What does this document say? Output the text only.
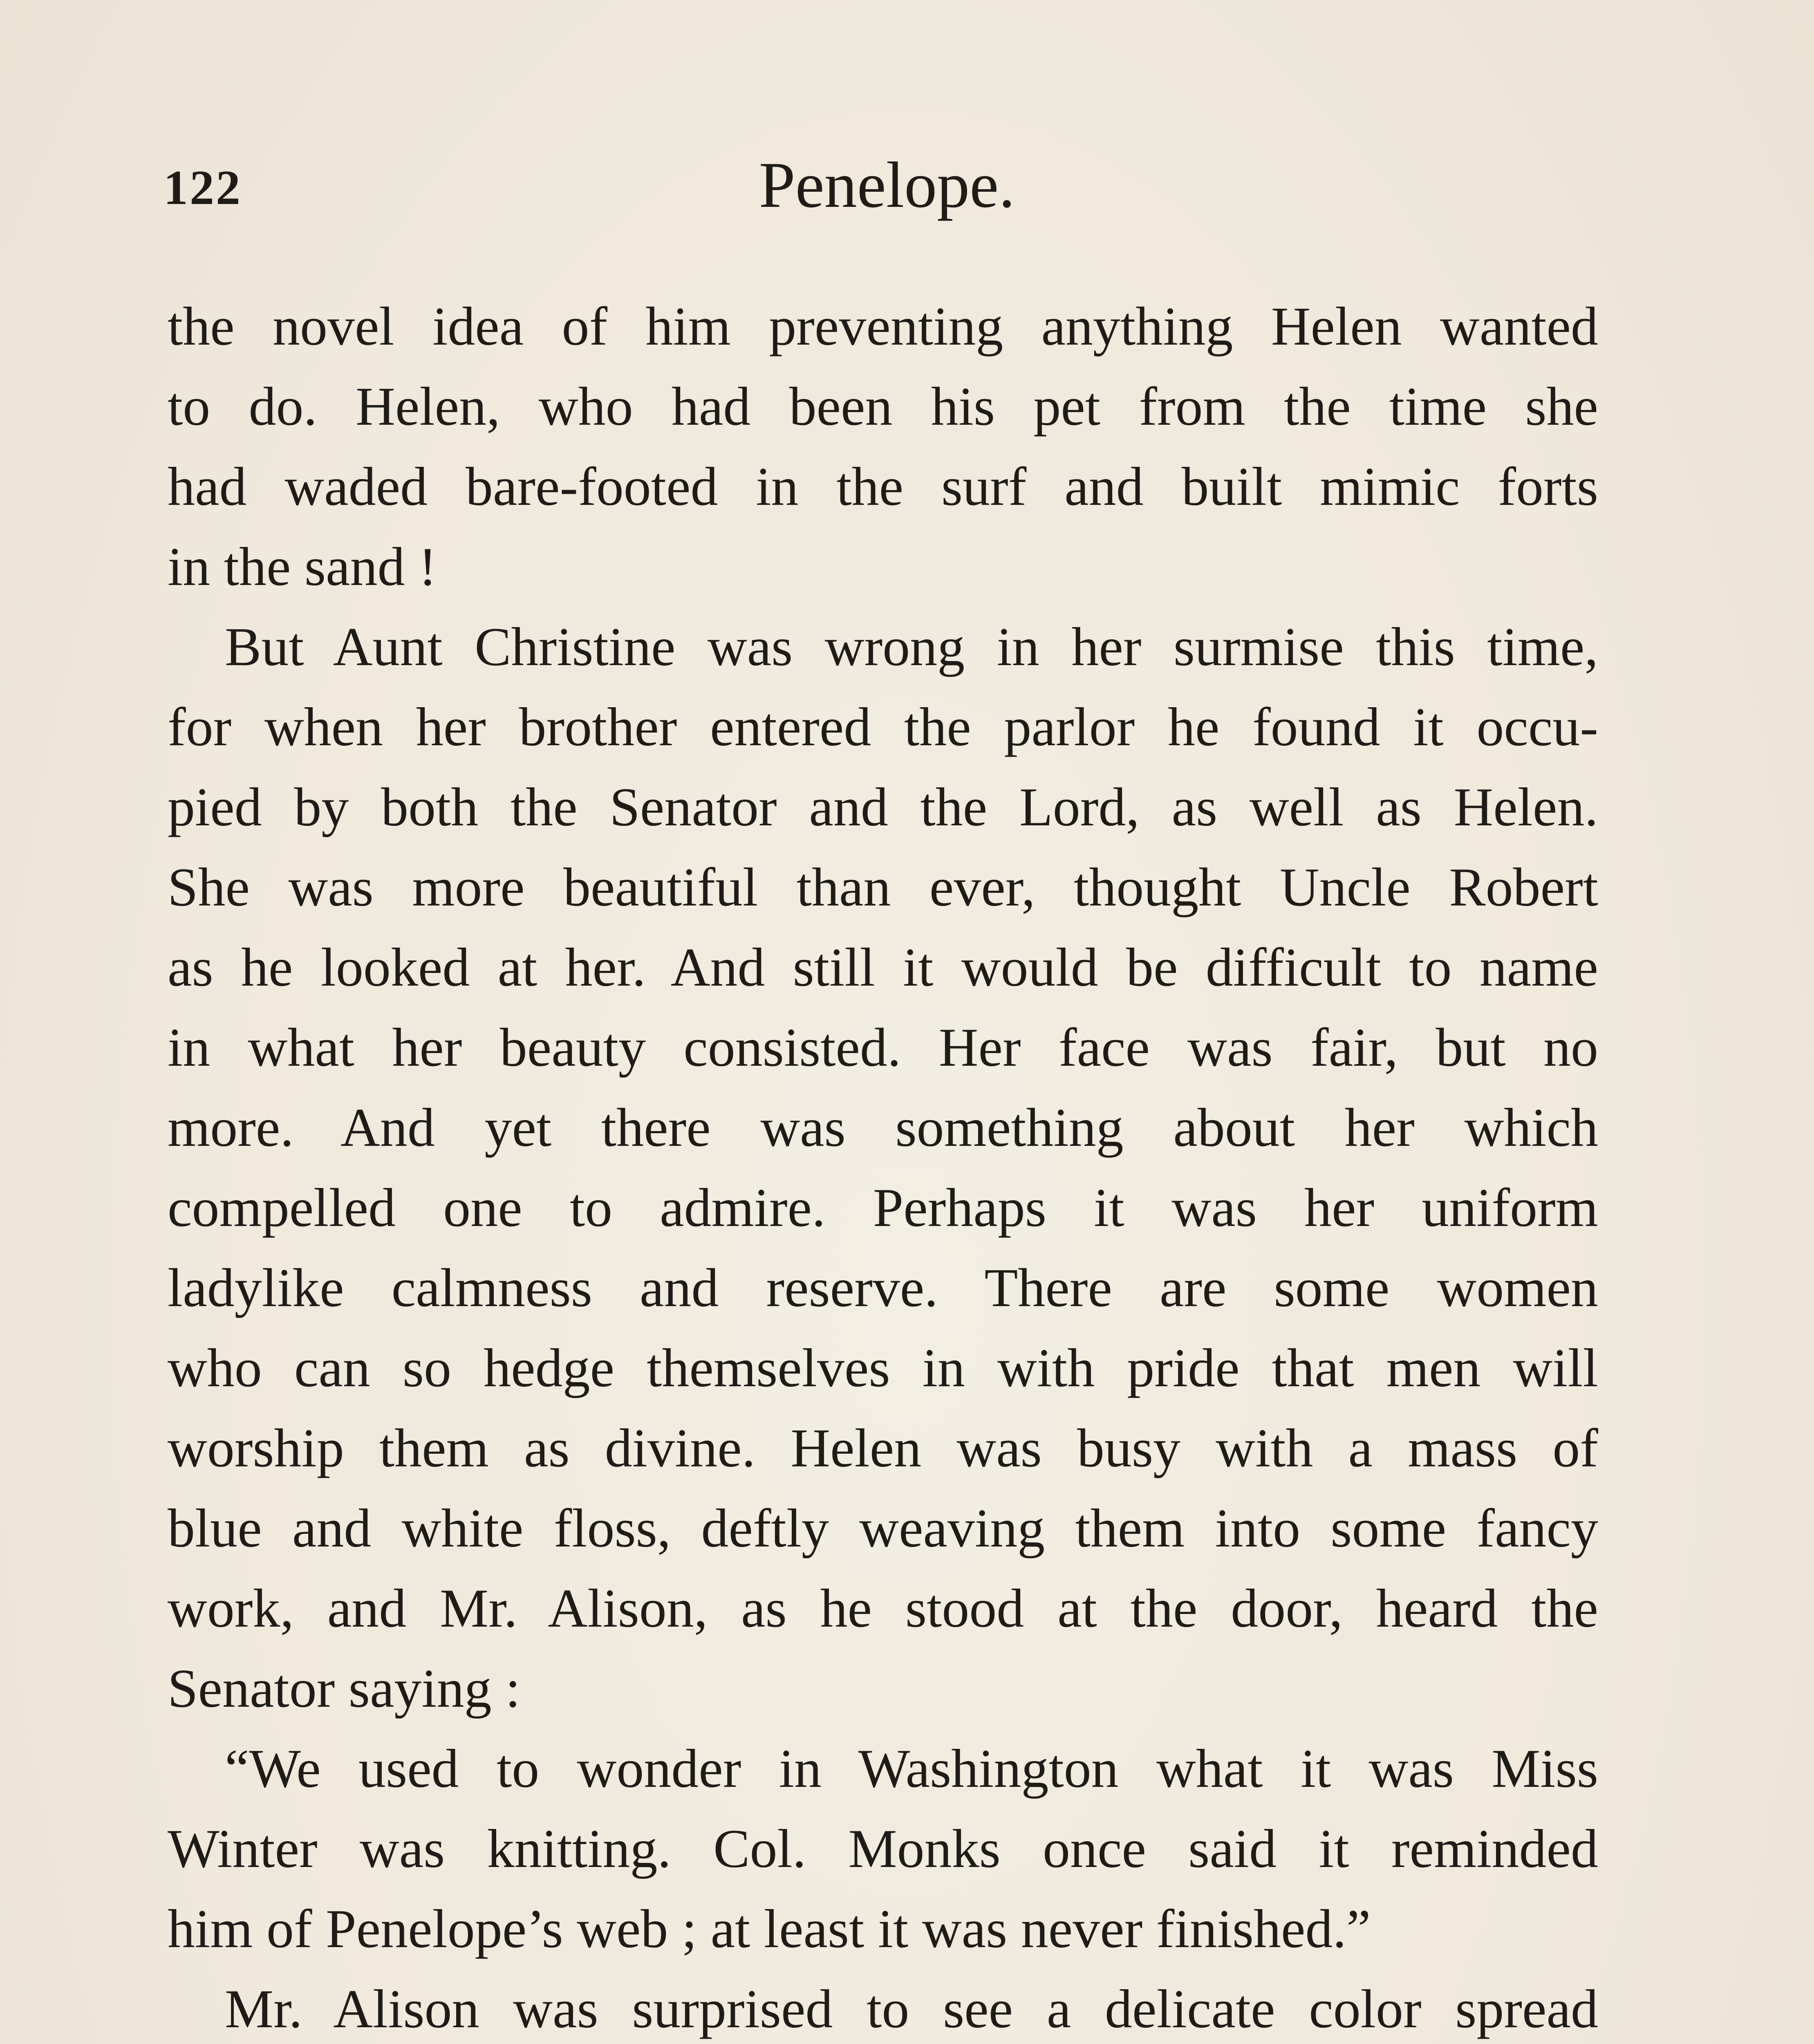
122	Penelope.
the novel idea of him preventing anything Helen wanted
to do. Helen, who had been his pet from the time she
had waded bare-footed in the surf and built mimic forts
in the sand !
But Aunt Christine was wrong in her surmise this time,
for when her brother entered the parlor he found it occu-
pied by both the Senator and the Lord, as well as Helen.
She was more beautiful than ever, thought Uncle Robert
as he looked at her. And still it would be difficult to name
in what her beauty consisted. Her face was fair, but no
more. And yet there was something about her which
compelled one to admire. Perhaps it was her uniform
ladylike calmness and reserve. There are some women
who can so hedge themselves in with pride that men will
worship them as divine. Helen was busy with a mass of
blue and white floss, deftly weaving them into some fancy
work, and Mr. Alison, as he stood at the door, heard the
Senator saying :
“We used to wonder in Washington what it was Miss
Winter was knitting. Col. Monks once said it reminded
him of Penelope’s web ; at least it was never finished.”
Mr. Alison was surprised to see a delicate color spread
